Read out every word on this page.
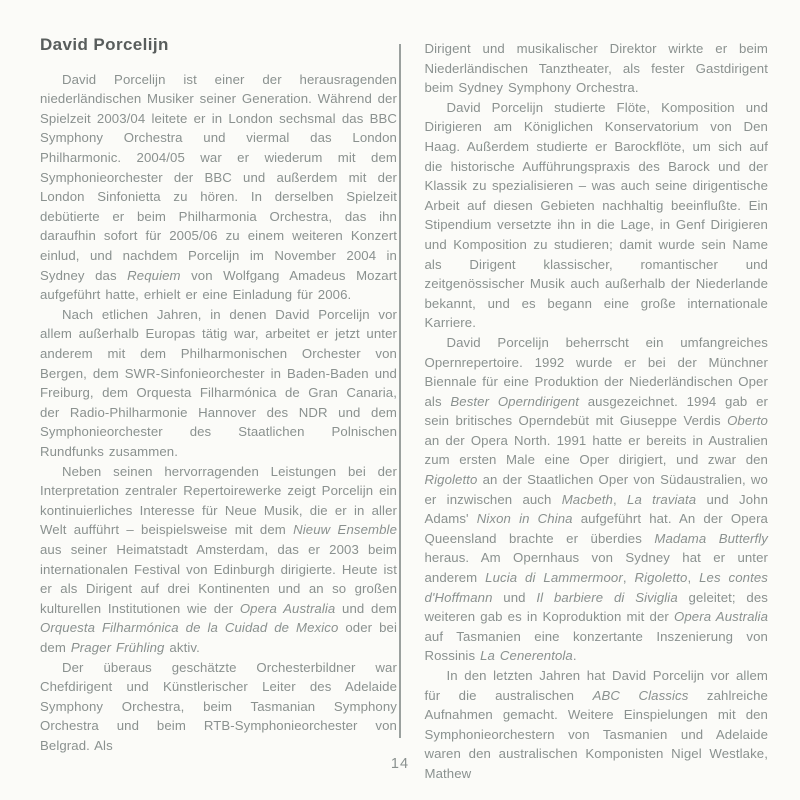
David Porcelijn

David Porcelijn ist einer der herausragenden niederländischen Musiker seiner Generation. Während der Spielzeit 2003/04 leitete er in London sechsmal das BBC Symphony Orchestra und viermal das London Philharmonic. 2004/05 war er wiederum mit dem Symphonieorchester der BBC und außerdem mit der London Sinfonietta zu hören. In derselben Spielzeit debütierte er beim Philharmonia Orchestra, das ihn daraufhin sofort für 2005/06 zu einem weiteren Konzert einlud, und nachdem Porcelijn im November 2004 in Sydney das Requiem von Wolfgang Amadeus Mozart aufgeführt hatte, erhielt er eine Einladung für 2006.

Nach etlichen Jahren, in denen David Porcelijn vor allem außerhalb Europas tätig war, arbeitet er jetzt unter anderem mit dem Philharmonischen Orchester von Bergen, dem SWR-Sinfonieorchester in Baden-Baden und Freiburg, dem Orquesta Filharmónica de Gran Canaria, der Radio-Philharmonie Hannover des NDR und dem Symphonieorchester des Staatlichen Polnischen Rundfunks zusammen.

Neben seinen hervorragenden Leistungen bei der Interpretation zentraler Repertoirewerke zeigt Porcelijn ein kontinuierliches Interesse für Neue Musik, die er in aller Welt aufführt – beispielsweise mit dem Nieuw Ensemble aus seiner Heimatstadt Amsterdam, das er 2003 beim internationalen Festival von Edinburgh dirigierte. Heute ist er als Dirigent auf drei Kontinenten und an so großen kulturellen Institutionen wie der Opera Australia und dem Orquesta Filharmónica de la Cuidad de Mexico oder bei dem Prager Frühling aktiv.

Der überaus geschätzte Orchesterbildner war Chefdirigent und Künstlerischer Leiter des Adelaide Symphony Orchestra, beim Tasmanian Symphony Orchestra und beim RTB-Symphonieorchester von Belgrad. Als

Dirigent und musikalischer Direktor wirkte er beim Niederländischen Tanztheater, als fester Gastdirigent beim Sydney Symphony Orchestra.

David Porcelijn studierte Flöte, Komposition und Dirigieren am Königlichen Konservatorium von Den Haag. Außerdem studierte er Barockflöte, um sich auf die historische Aufführungspraxis des Barock und der Klassik zu spezialisieren – was auch seine dirigentische Arbeit auf diesen Gebieten nachhaltig beeinflußte. Ein Stipendium versetzte ihn in die Lage, in Genf Dirigieren und Komposition zu studieren; damit wurde sein Name als Dirigent klassischer, romantischer und zeitgenössischer Musik auch außerhalb der Niederlande bekannt, und es begann eine große internationale Karriere.

David Porcelijn beherrscht ein umfangreiches Opernrepertoire. 1992 wurde er bei der Münchner Biennale für eine Produktion der Niederländischen Oper als Bester Operndirigent ausgezeichnet. 1994 gab er sein britisches Operndebüt mit Giuseppe Verdis Oberto an der Opera North. 1991 hatte er bereits in Australien zum ersten Male eine Oper dirigiert, und zwar den Rigoletto an der Staatlichen Oper von Südaustralien, wo er inzwischen auch Macbeth, La traviata und John Adams' Nixon in China aufgeführt hat. An der Opera Queensland brachte er überdies Madama Butterfly heraus. Am Opernhaus von Sydney hat er unter anderem Lucia di Lammermoor, Rigoletto, Les contes d'Hoffmann und Il barbiere di Siviglia geleitet; des weiteren gab es in Koproduktion mit der Opera Australia auf Tasmanien eine konzertante Inszenierung von Rossinis La Cenerentola.

In den letzten Jahren hat David Porcelijn vor allem für die australischen ABC Classics zahlreiche Aufnahmen gemacht. Weitere Einspielungen mit den Symphonieorchestern von Tasmanien und Adelaide waren den australischen Komponisten Nigel Westlake, Mathew

14
